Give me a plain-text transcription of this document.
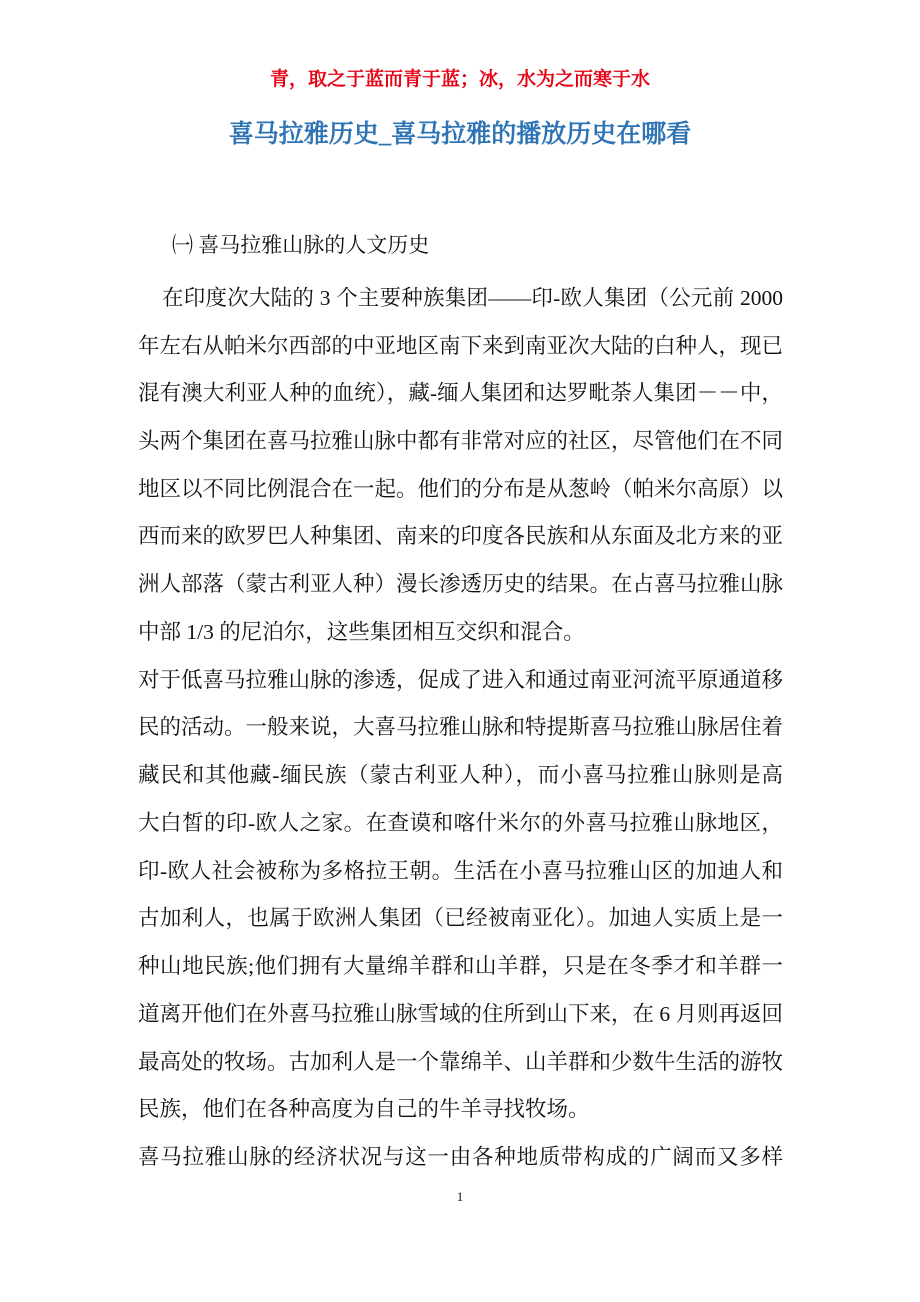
青，取之于蓝而青于蓝；冰，水为之而寒于水
喜马拉雅历史_喜马拉雅的播放历史在哪看
㈠ 喜马拉雅山脉的人文历史
在印度次大陆的 3 个主要种族集团——印-欧人集团（公元前 2000
年左右从帕米尔西部的中亚地区南下来到南亚次大陆的白种人，现已
混有澳大利亚人种的血统），藏-缅人集团和达罗毗荼人集团－－中，
头两个集团在喜马拉雅山脉中都有非常对应的社区，尽管他们在不同
地区以不同比例混合在一起。他们的分布是从葱岭（帕米尔高原）以
西而来的欧罗巴人种集团、南来的印度各民族和从东面及北方来的亚
洲人部落（蒙古利亚人种）漫长渗透历史的结果。在占喜马拉雅山脉
中部 1/3 的尼泊尔，这些集团相互交织和混合。
对于低喜马拉雅山脉的渗透，促成了进入和通过南亚河流平原通道移
民的活动。一般来说，大喜马拉雅山脉和特提斯喜马拉雅山脉居住着
藏民和其他藏-缅民族（蒙古利亚人种），而小喜马拉雅山脉则是高
大白皙的印-欧人之家。在查谟和喀什米尔的外喜马拉雅山脉地区，
印-欧人社会被称为多格拉王朝。生活在小喜马拉雅山区的加迪人和
古加利人，也属于欧洲人集团（已经被南亚化）。加迪人实质上是一
种山地民族;他们拥有大量绵羊群和山羊群，只是在冬季才和羊群一
道离开他们在外喜马拉雅山脉雪域的住所到山下来，在 6 月则再返回
最高处的牧场。古加利人是一个靠绵羊、山羊群和少数牛生活的游牧
民族，他们在各种高度为自己的牛羊寻找牧场。
喜马拉雅山脉的经济状况与这一由各种地质带构成的广阔而又多样
1
